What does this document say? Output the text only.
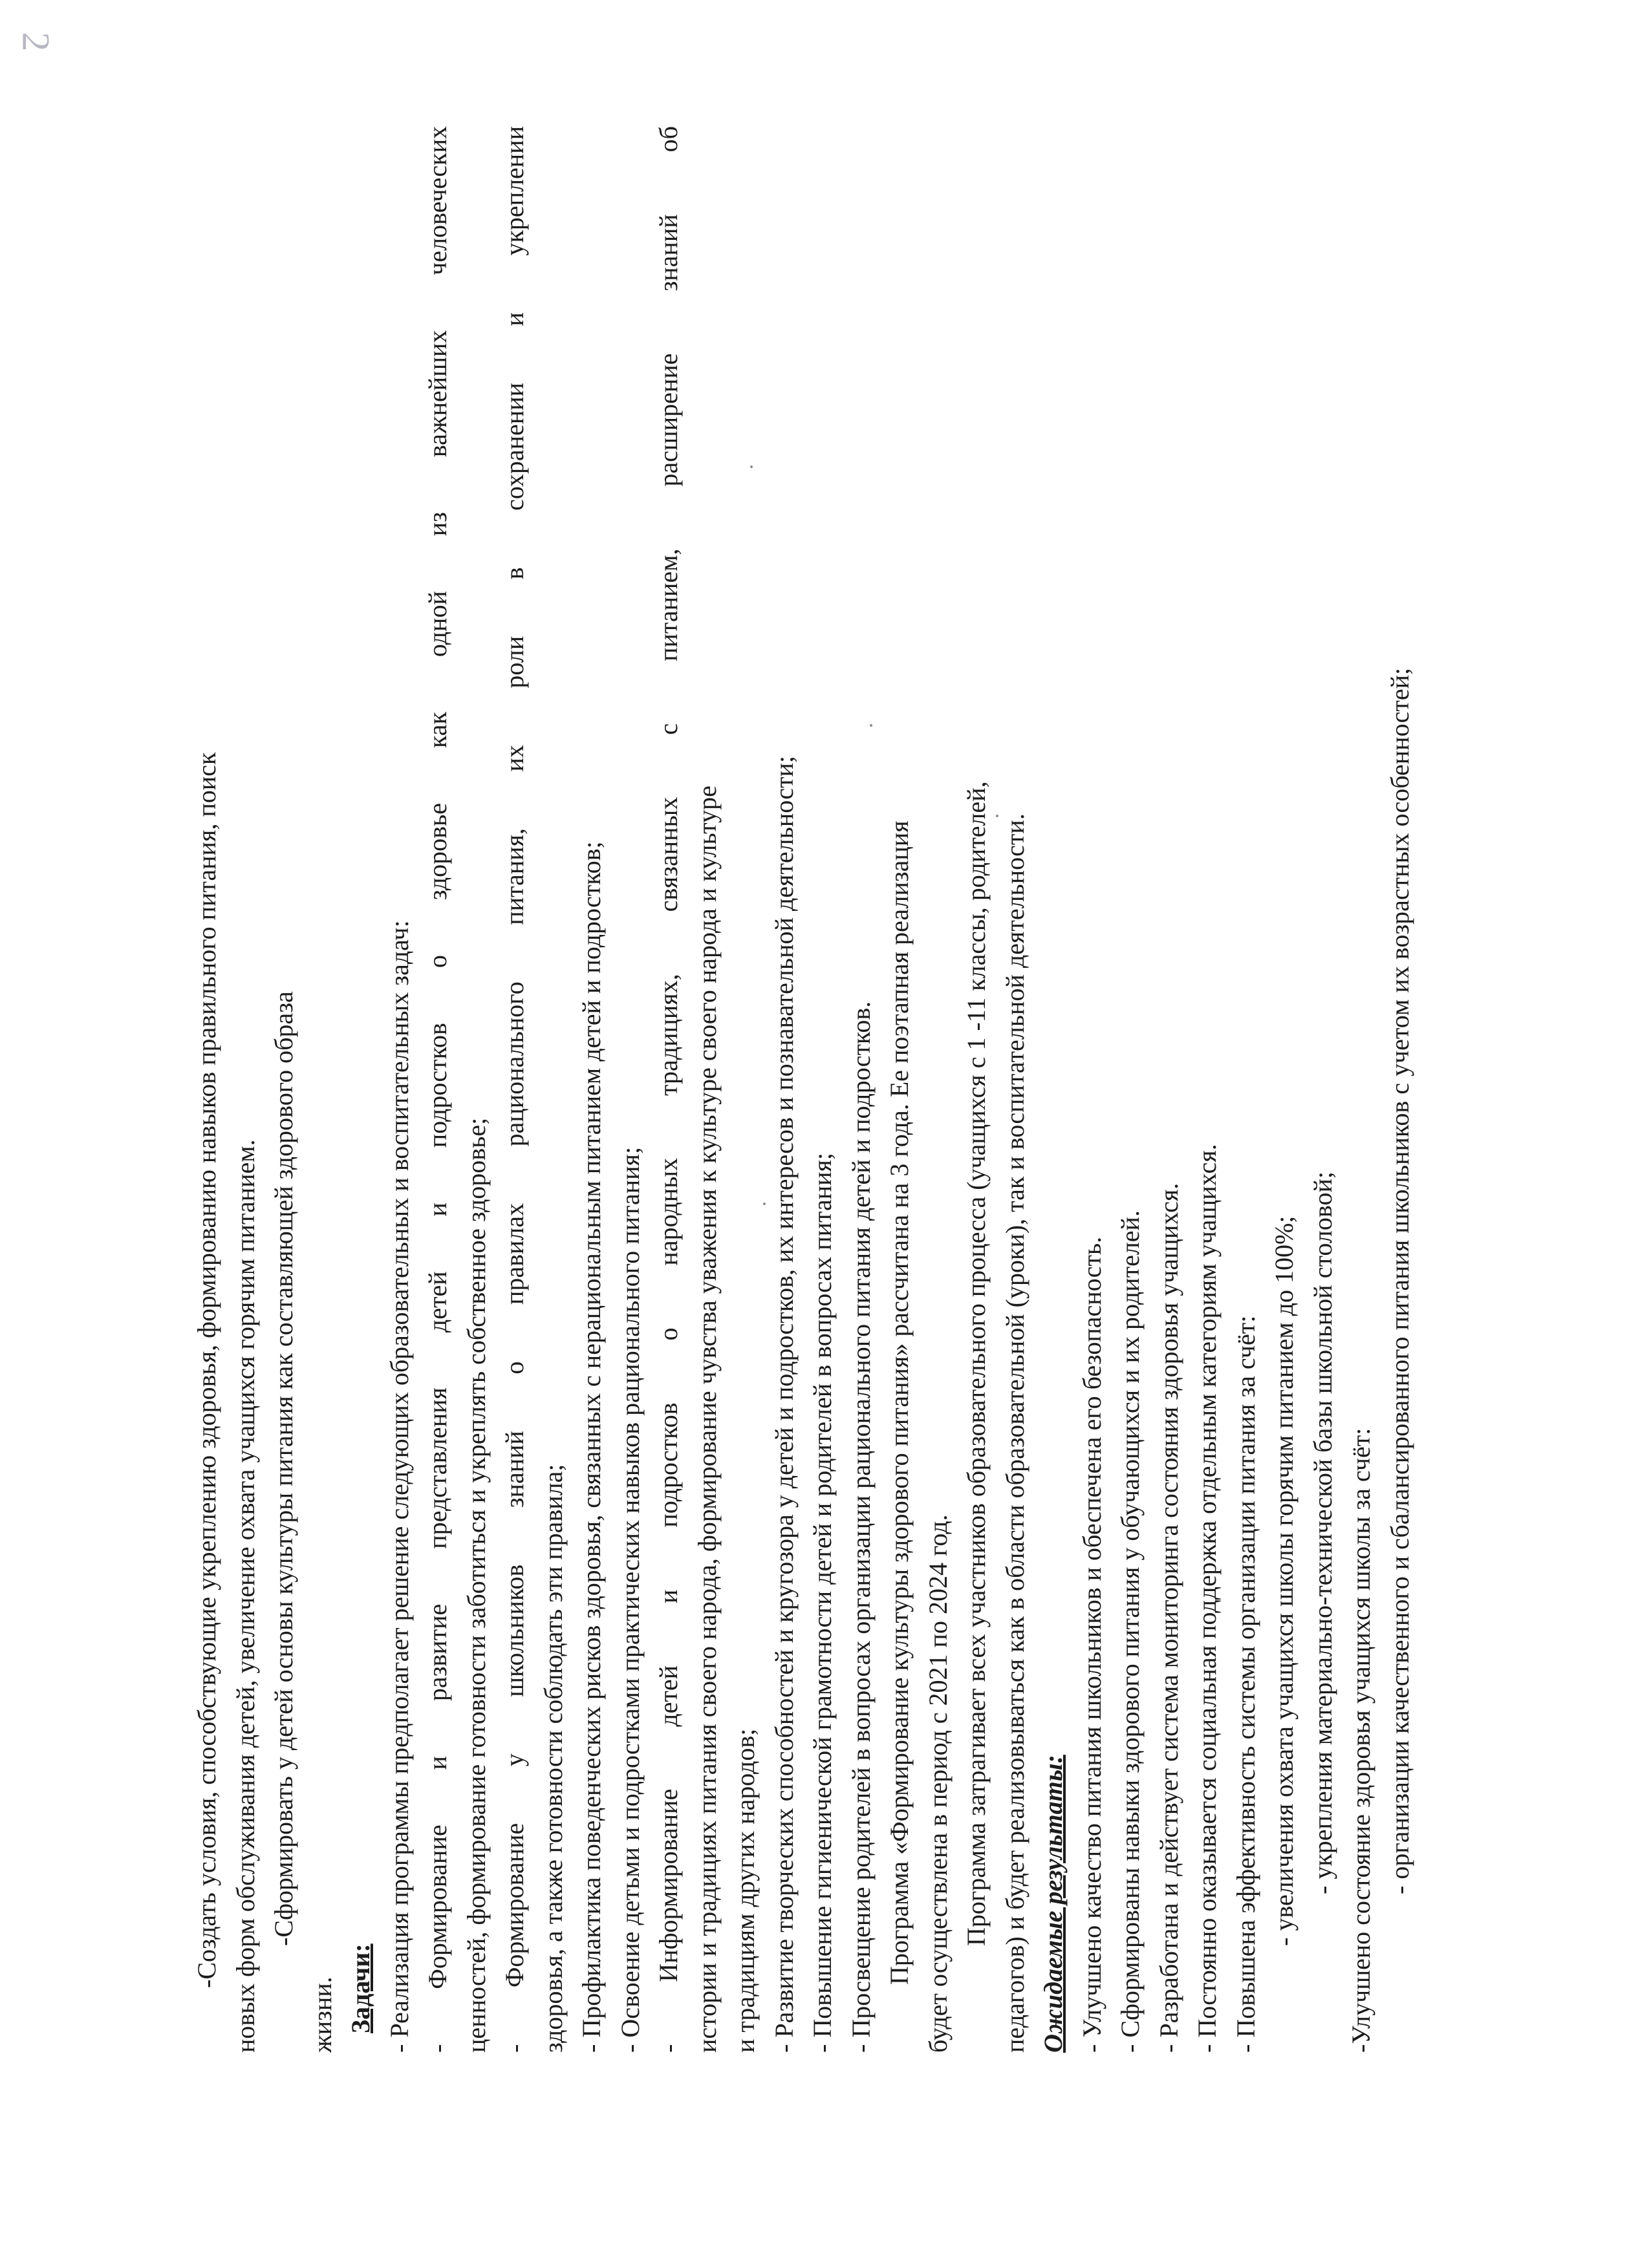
2
-Создать условия, способствующие укреплению здоровья, формированию навыков правильного питания, поиск новых форм обслуживания детей, увеличение охвата учащихся горячим питанием. -Сформировать у детей основы культуры питания как составляющей здорового образа
жизни. Задачи: - Реализация программы предполагает решение следующих образовательных и воспитательных задач: - Формирование и развитие представления детей и подростков о здоровье как одной из важнейших человеческих ценностей, формирование готовности заботиться и укреплять собственное здоровье; - Формирование у школьников знаний о правилах рационального питания, их роли в сохранении и укреплении здоровья, а также готовности соблюдать эти правила; - Профилактика поведенческих рисков здоровья, связанных с нерациональным питанием детей и подростков; - Освоение детьми и подростками практических навыков рационального питания; - Информирование детей и подростков о народных традициях, связанных с питанием, расширение знаний об истории и традициях питания своего народа, формирование чувства уважения к культуре своего народа и культуре и традициям других народов; - Развитие творческих способностей и кругозора у детей и подростков, их интересов и познавательной деятельности; - Повышение гигиенической грамотности детей и родителей в вопросах питания; - Просвещение родителей в вопросах организации рационального питания детей и подростков. Программа «Формирование культуры здорового питания» рассчитана на 3 года. Ее поэтапная реализация будет осуществлена в период с 2021 по 2024 год. Программа затрагивает всех участников образовательного процесса (учащихся с 1 -11 классы, родителей, педагогов) и будет реализовываться как в области образовательной (уроки), так и воспитательной деятельности. Ожидаемые результаты: - Улучшено качество питания школьников и обеспечена его безопасность. - Сформированы навыки здорового питания у обучающихся и их родителей. - Разработана и действует система мониторинга состояния здоровья учащихся. - Постоянно оказывается социальная поддержка отдельным категориям учащихся. - Повышена эффективность системы организации питания за счёт: - увеличения охвата учащихся школы горячим питанием до 100%; - укрепления материально-технической базы школьной столовой; -Улучшено состояние здоровья учащихся школы за счёт: - организации качественного и сбалансированного питания школьников с учетом их возрастных особенностей;
